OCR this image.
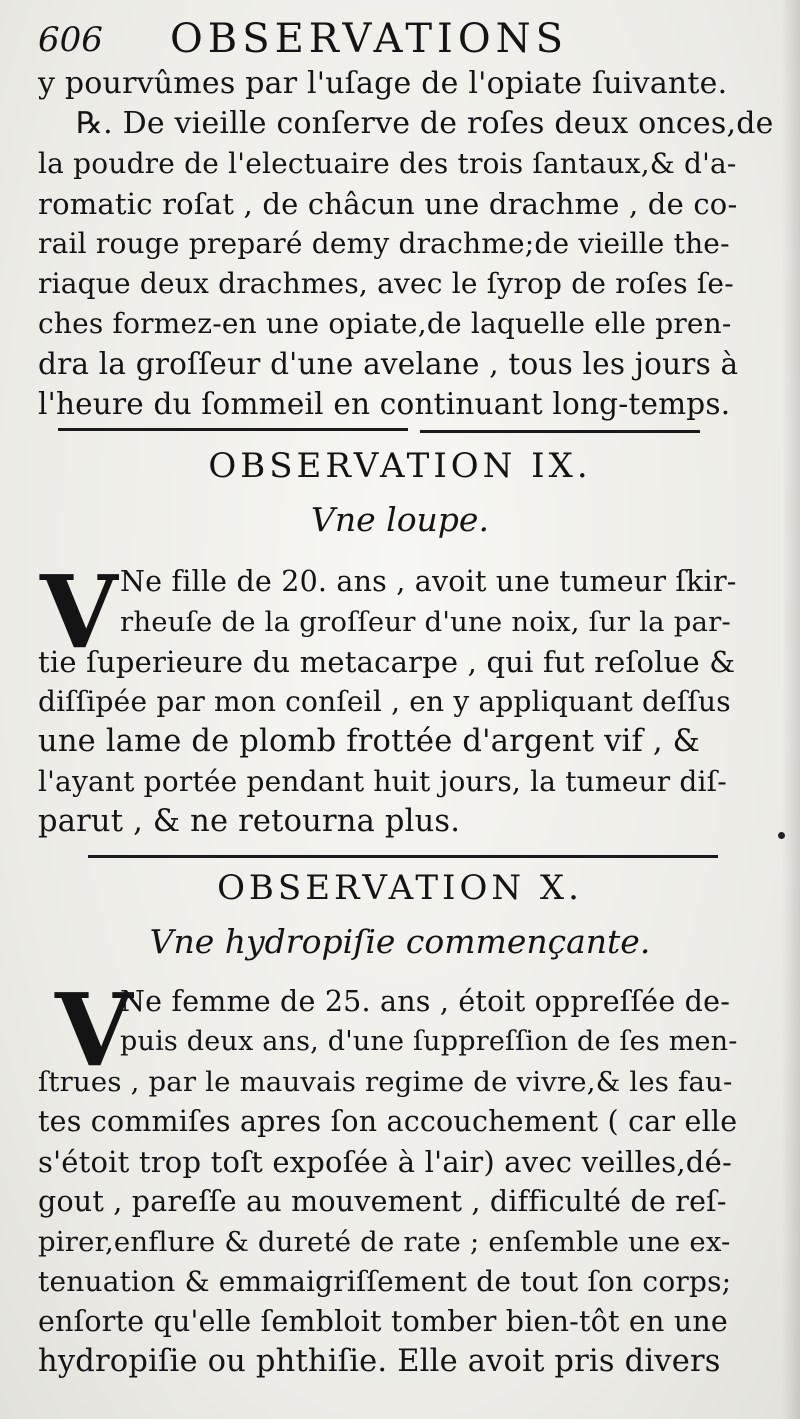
606 OBSERVATIONS
y pourvûmes par l'uſage de l'opiate ſuivante.
℞. De vieille conſerve de roſes deux onces,de
la poudre de l'electuaire des trois ſantaux,& d'a-
romatic roſat , de châcun une drachme , de co-
rail rouge preparé demy drachme;de vieille the-
riaque deux drachmes, avec le ſyrop de roſes ſe-
ches formez-en une opiate,de laquelle elle pren-
dra la groſſeur d'une avelane , tous les jours à
l'heure du ſommeil en continuant long-temps.
OBSERVATION IX.
Vne loupe.
V Ne fille de 20. ans , avoit une tumeur ſkir-
rheuſe de la groſſeur d'une noix, ſur la par-
tie ſuperieure du metacarpe , qui fut reſolue &
diſſipée par mon conſeil , en y appliquant deſſus
une lame de plomb frottée d'argent vif , &
l'ayant portée pendant huit jours, la tumeur diſ-
parut , & ne retourna plus.
OBSERVATION X.
Vne hydropiſie commençante.
V
Ne femme de 25. ans , étoit oppreſſée de-
puis deux ans, d'une ſuppreſſion de ſes men-
ſtrues , par le mauvais regime de vivre,& les fau-
tes commiſes apres ſon accouchement ( car elle
s'étoit trop toſt expoſée à l'air) avec veilles,dé-
gout , pareſſe au mouvement , difficulté de reſ-
pirer,enflure & dureté de rate ; enſemble une ex-
tenuation & emmaigriſſement de tout ſon corps;
enſorte qu'elle ſembloit tomber bien-tôt en une
hydropiſie ou phthiſie. Elle avoit pris divers
